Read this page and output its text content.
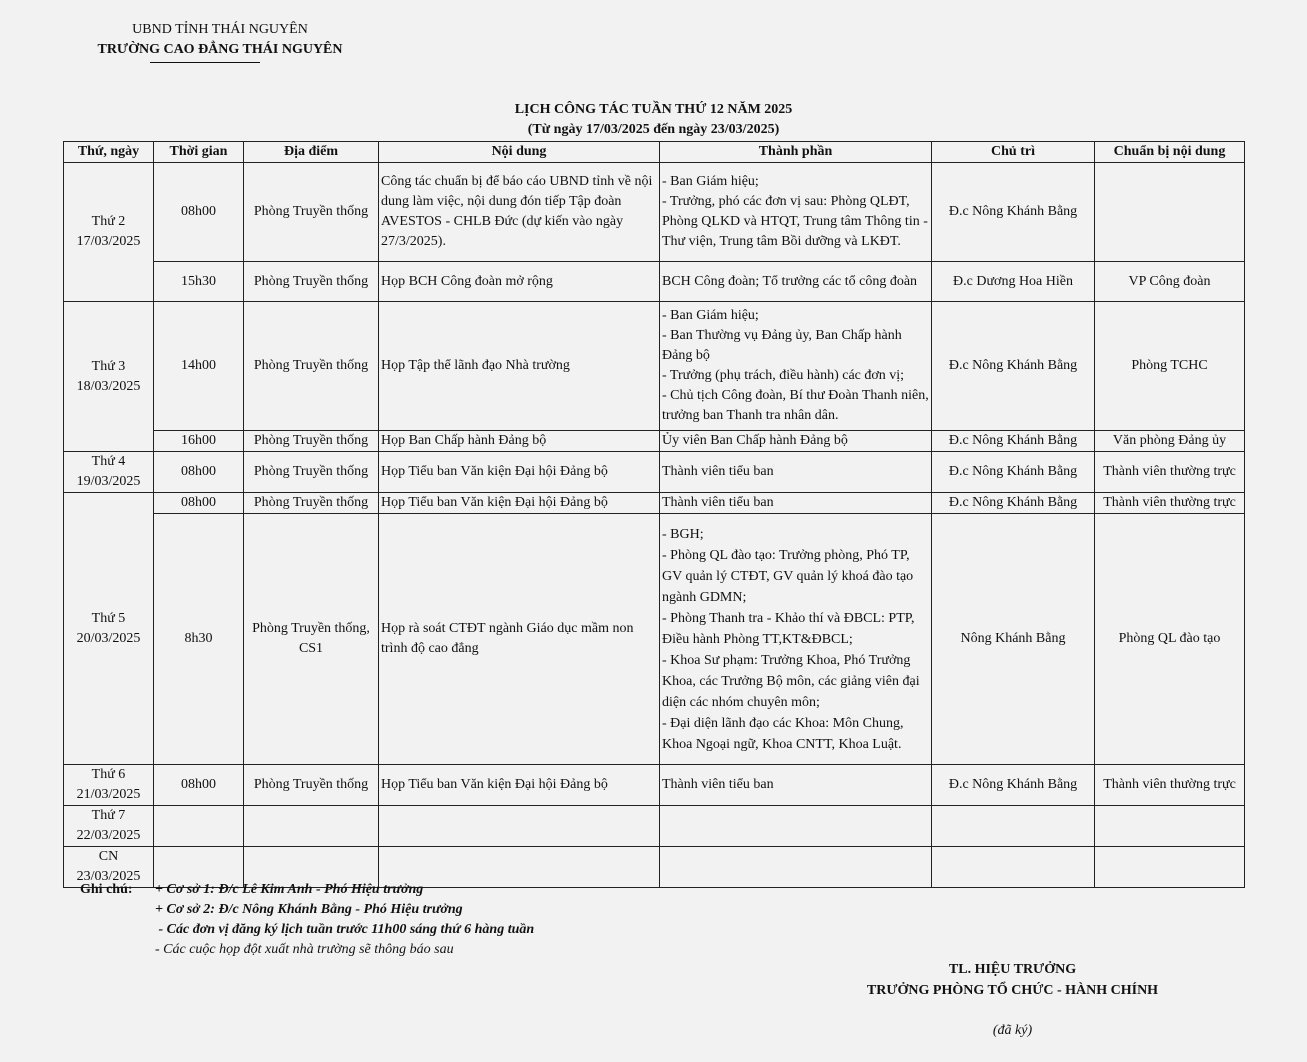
UBND TỈNH THÁI NGUYÊN
TRƯỜNG CAO ĐẲNG THÁI NGUYÊN
LỊCH CÔNG TÁC TUẦN THỨ 12 NĂM 2025
(Từ ngày 17/03/2025 đến ngày 23/03/2025)
Thứ, ngày	Thời gian	Địa điểm	Nội dung	Thành phần	Chủ trì	Chuẩn bị nội dung

Thứ 2
17/03/2025	08h00	Phòng Truyền thống	Công tác chuẩn bị để báo cáo UBND tỉnh về nội dung làm việc, nội dung đón tiếp Tập đoàn AVESTOS - CHLB Đức (dự kiến vào ngày 27/3/2025).	- Ban Giám hiệu;
- Trưởng, phó các đơn vị sau: Phòng QLĐT, Phòng QLKD và HTQT, Trung tâm Thông tin - Thư viện, Trung tâm Bồi dưỡng và LKĐT.	Đ.c Nông Khánh Bằng	
	15h30	Phòng Truyền thống	Họp BCH Công đoàn mở rộng	BCH Công đoàn; Tổ trưởng các tổ công đoàn	Đ.c Dương Hoa Hiền	VP Công đoàn

Thứ 3
18/03/2025	14h00	Phòng Truyền thống	Họp Tập thể lãnh đạo Nhà trường	- Ban Giám hiệu;
- Ban Thường vụ Đảng ủy, Ban Chấp hành Đảng bộ
- Trưởng (phụ trách, điều hành) các đơn vị;
- Chủ tịch Công đoàn, Bí thư Đoàn Thanh niên, trưởng ban Thanh tra nhân dân.	Đ.c Nông Khánh Bằng	Phòng TCHC
	16h00	Phòng Truyền thống	Họp Ban Chấp hành Đảng bộ	Ủy viên Ban Chấp hành Đảng bộ	Đ.c Nông Khánh Bằng	Văn phòng Đảng ủy

Thứ 4
19/03/2025	08h00	Phòng Truyền thống	Họp Tiểu ban Văn kiện Đại hội Đảng bộ	Thành viên tiểu ban	Đ.c Nông Khánh Bằng	Thành viên thường trực

Thứ 5
20/03/2025	08h00	Phòng Truyền thống	Họp Tiểu ban Văn kiện Đại hội Đảng bộ	Thành viên tiểu ban	Đ.c Nông Khánh Bằng	Thành viên thường trực
	8h30	Phòng Truyền thống, CS1	Họp rà soát CTĐT ngành Giáo dục mầm non trình độ cao đẳng	- BGH;
- Phòng QL đào tạo: Trưởng phòng, Phó TP, GV quản lý CTĐT, GV quản lý khoá đào tạo ngành GDMN;
- Phòng Thanh tra - Khảo thí và ĐBCL: PTP, Điều hành Phòng TT,KT&ĐBCL;
- Khoa Sư phạm: Trưởng Khoa, Phó Trưởng Khoa, các Trưởng Bộ môn, các giảng viên đại diện các nhóm chuyên môn;
- Đại diện lãnh đạo các Khoa: Môn Chung, Khoa Ngoại ngữ, Khoa CNTT, Khoa Luật.	Nông Khánh Bằng	Phòng QL đào tạo

Thứ 6
21/03/2025	08h00	Phòng Truyền thống	Họp Tiểu ban Văn kiện Đại hội Đảng bộ	Thành viên tiểu ban	Đ.c Nông Khánh Bằng	Thành viên thường trực

Thứ 7
22/03/2025						

CN
23/03/2025						

Ghi chú: + Cơ sở 1: Đ/c Lê Kim Anh - Phó Hiệu trưởng
+ Cơ sở 2: Đ/c Nông Khánh Bằng - Phó Hiệu trưởng
- Các đơn vị đăng ký lịch tuần trước 11h00 sáng thứ 6 hàng tuần
- Các cuộc họp đột xuất nhà trường sẽ thông báo sau
TL. HIỆU TRƯỞNG
TRƯỞNG PHÒNG TỔ CHỨC - HÀNH CHÍNH
(đã ký)
